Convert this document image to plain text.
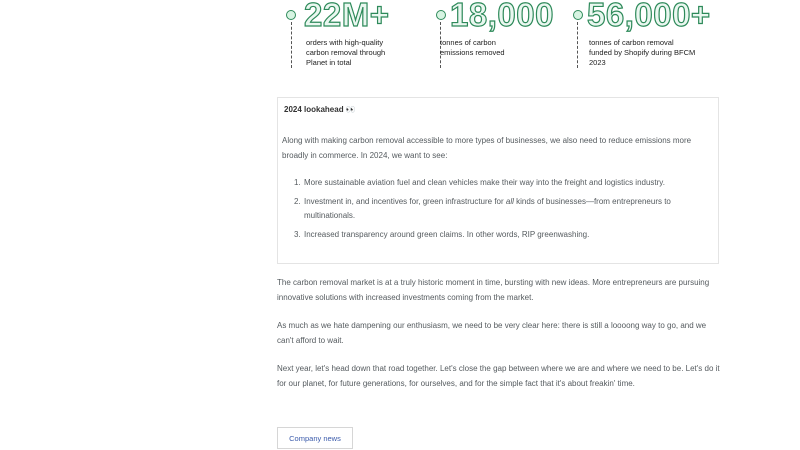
22M+
orders with high-quality
carbon removal through
Planet in total
18,000
tonnes of carbon
emissions removed
56,000+
tonnes of carbon removal
funded by Shopify during BFCM
2023
2024 lookahead 👀
Along with making carbon removal accessible to more types of businesses, we also need to reduce emissions more broadly in commerce. In 2024, we want to see:
1. More sustainable aviation fuel and clean vehicles make their way into the freight and logistics industry.
2. Investment in, and incentives for, green infrastructure for all kinds of businesses—from entrepreneurs to multinationals.
3. Increased transparency around green claims. In other words, RIP greenwashing.
The carbon removal market is at a truly historic moment in time, bursting with new ideas. More entrepreneurs are pursuing innovative solutions with increased investments coming from the market.
As much as we hate dampening our enthusiasm, we need to be very clear here: there is still a loooong way to go, and we can't afford to wait.
Next year, let's head down that road together. Let's close the gap between where we are and where we need to be. Let's do it for our planet, for future generations, for ourselves, and for the simple fact that it's about freakin' time.
Company news
